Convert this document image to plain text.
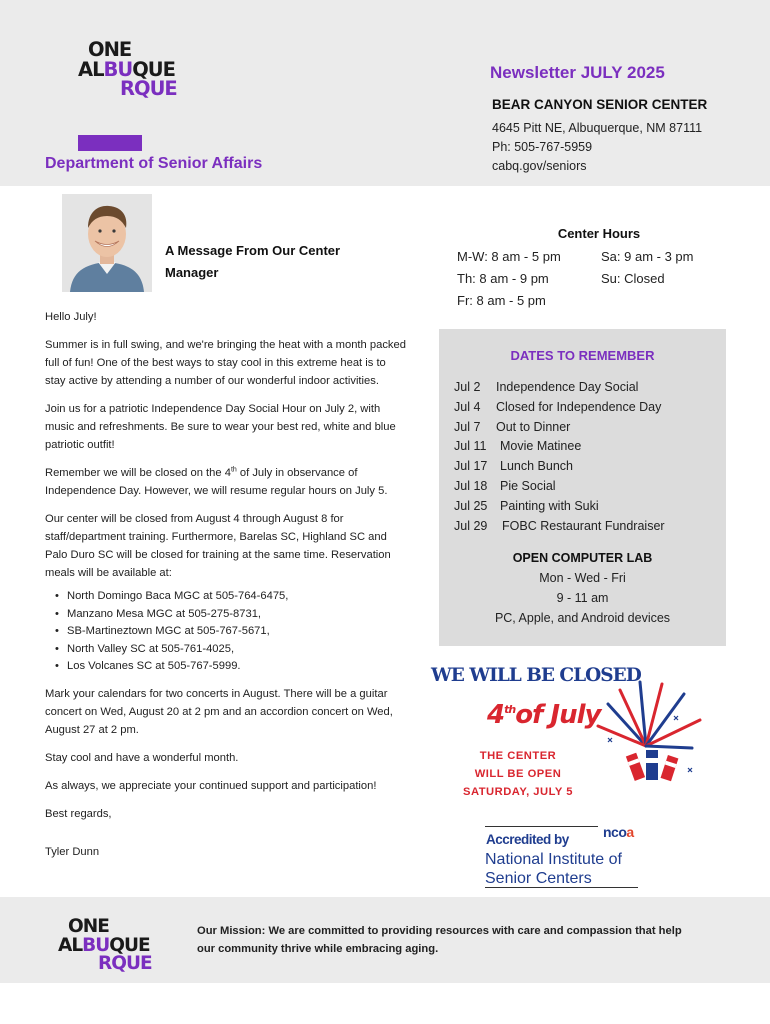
ONE
ALBUQUE
RQUE
Department of Senior Affairs
Newsletter JULY 2025
BEAR CANYON SENIOR CENTER
4645 Pitt NE, Albuquerque, NM 87111
Ph: 505-767-5959
cabq.gov/seniors
A Message From Our Center Manager

Hello July!

Summer is in full swing, and we're bringing the heat with a month packed full of fun! One of the best ways to stay cool in this extreme heat is to stay active by attending a number of our wonderful indoor activities.

Join us for a patriotic Independence Day Social Hour on July 2, with music and refreshments. Be sure to wear your best red, white and blue patriotic outfit!

Remember we will be closed on the 4th of July in observance of Independence Day. However, we will resume regular hours on July 5.

Our center will be closed from August 4 through August 8 for staff/department training. Furthermore, Barelas SC, Highland SC and Palo Duro SC will be closed for training at the same time. Reservation meals will be available at:

• North Domingo Baca MGC at 505-764-6475,
• Manzano Mesa MGC at 505-275-8731,
• SB-Martineztown MGC at 505-767-5671,
• North Valley SC at 505-761-4025,
• Los Volcanes SC at 505-767-5999.

Mark your calendars for two concerts in August. There will be a guitar concert on Wed, August 20 at 2 pm and an accordion concert on Wed, August 27 at 2 pm.

Stay cool and have a wonderful month.

As always, we appreciate your continued support and participation!

Best regards,

Tyler Dunn

Center Hours
M-W: 8 am - 5 pm
Th: 8 am - 9 pm
Fr: 8 am - 5 pm
Sa: 9 am - 3 pm
Su: Closed
DATES TO REMEMBER
Jul 2 Independence Day Social
Jul 4 Closed for Independence Day
Jul 7 Out to Dinner
Jul 11 Movie Matinee
Jul 17 Lunch Bunch
Jul 18 Pie Social
Jul 25 Painting with Suki
Jul 29 FOBC Restaurant Fundraiser
OPEN COMPUTER LAB
Mon - Wed - Fri
9 - 11 am
PC, Apple, and Android devices
WE WILL BE CLOSED
4thof July
THE CENTER
WILL BE OPEN
SATURDAY, JULY 5
Accredited by ncoa
National Institute of
Senior Centers
ONE
ALBUQUE
RQUE
Our Mission: We are committed to providing resources with care and compassion that help our community thrive while embracing aging.
